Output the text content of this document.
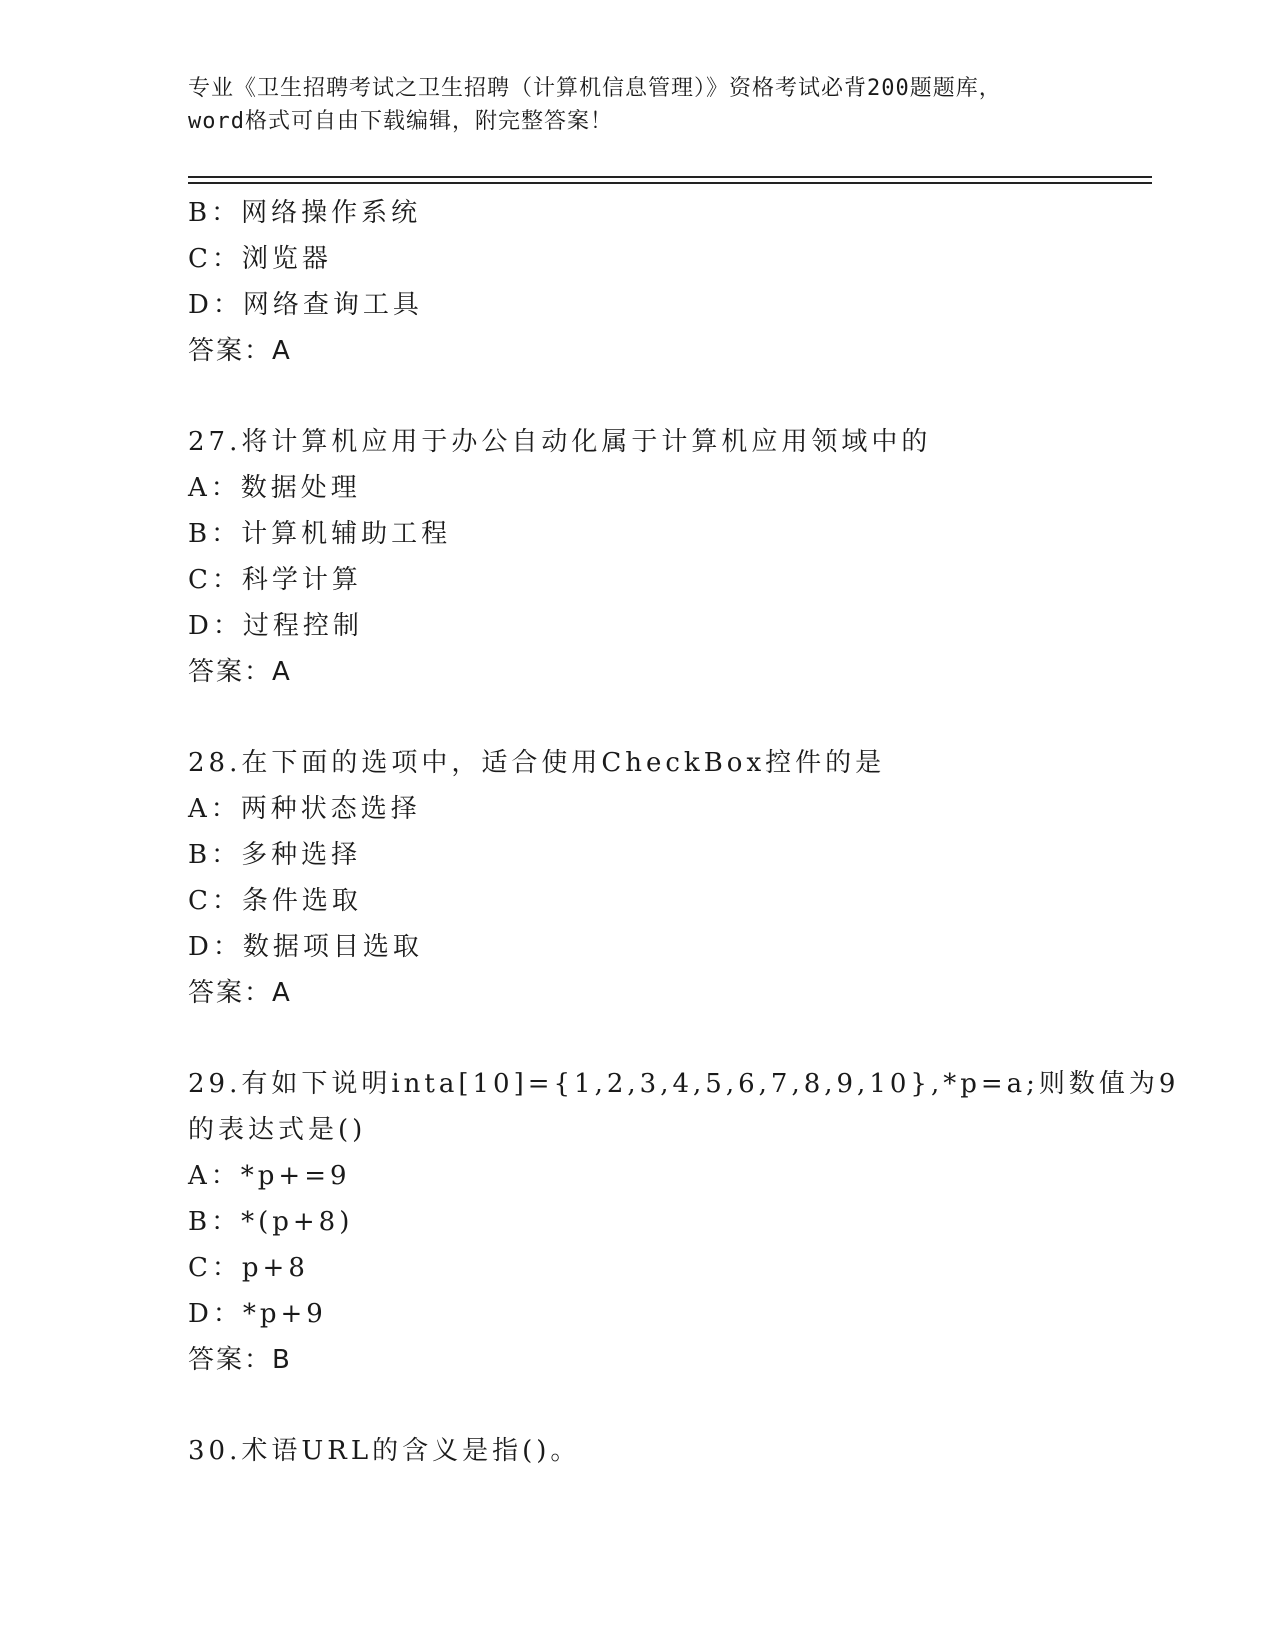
专业《卫生招聘考试之卫生招聘（计算机信息管理）》资格考试必背200题题库，
word格式可自由下载编辑，附完整答案！
B：网络操作系统
C：浏览器
D：网络查询工具
答案：A
27.将计算机应用于办公自动化属于计算机应用领域中的
A：数据处理
B：计算机辅助工程
C：科学计算
D：过程控制
答案：A
28.在下面的选项中，适合使用CheckBox控件的是
A：两种状态选择
B：多种选择
C：条件选取
D：数据项目选取
答案：A
29.有如下说明inta[10]={1,2,3,4,5,6,7,8,9,10},*p=a;则数值为9
的表达式是()
A：*p+=9
B：*(p+8)
C：p+8
D：*p+9
答案：B
30.术语URL的含义是指()。
